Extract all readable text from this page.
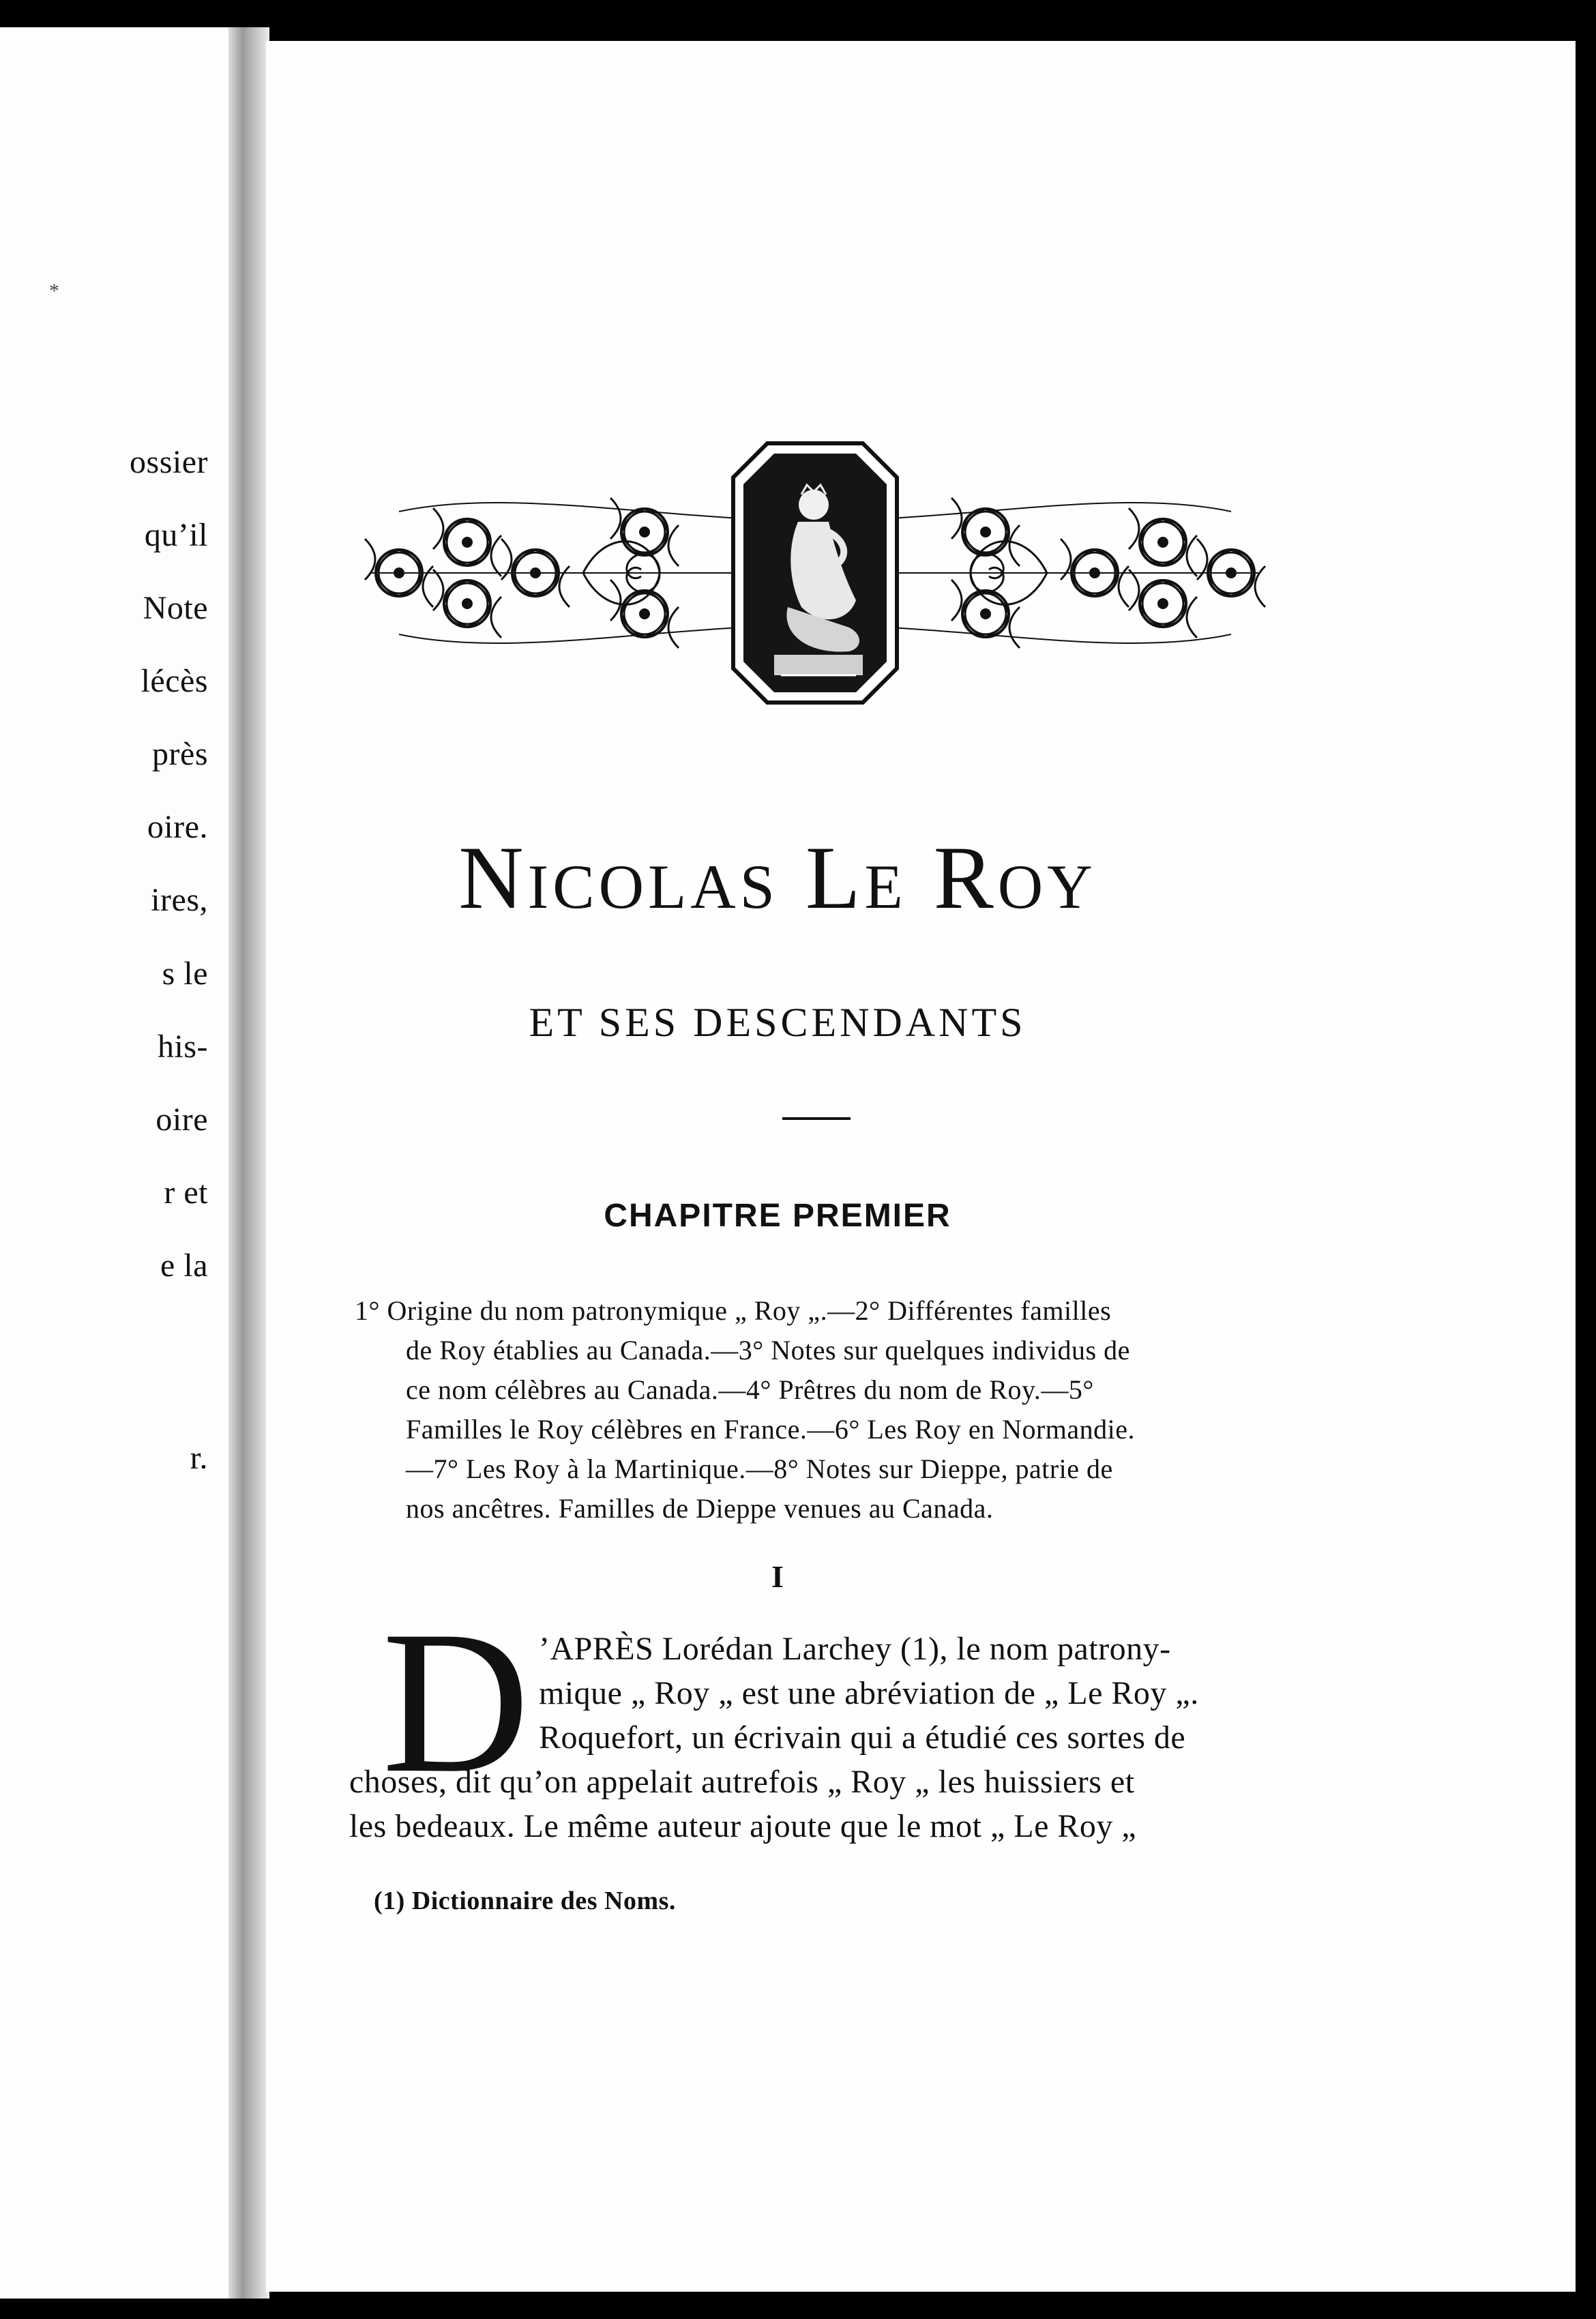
*
ossier
qu’il
Note
lécès
près
oire.
ires,
s le
his-
oire
r et
e la
r.
Nicolas Le Roy
ET SES DESCENDANTS
CHAPITRE PREMIER
1° Origine du nom patronymique „ Roy „.—2° Différentes familles
de Roy établies au Canada.—3° Notes sur quelques individus de
ce nom célèbres au Canada.—4° Prêtres du nom de Roy.—5°
Familles le Roy célèbres en France.—6° Les Roy en Normandie.
—7° Les Roy à la Martinique.—8° Notes sur Dieppe, patrie de
nos ancêtres. Familles de Dieppe venues au Canada.
I
D ’APRÈS Lorédan Larchey (1), le nom patrony-
mique „ Roy „ est une abréviation de „ Le Roy „.
Roquefort, un écrivain qui a étudié ces sortes de
choses, dit qu’on appelait autrefois „ Roy „ les huissiers et
les bedeaux. Le même auteur ajoute que le mot „ Le Roy „
(1) Dictionnaire des Noms.
